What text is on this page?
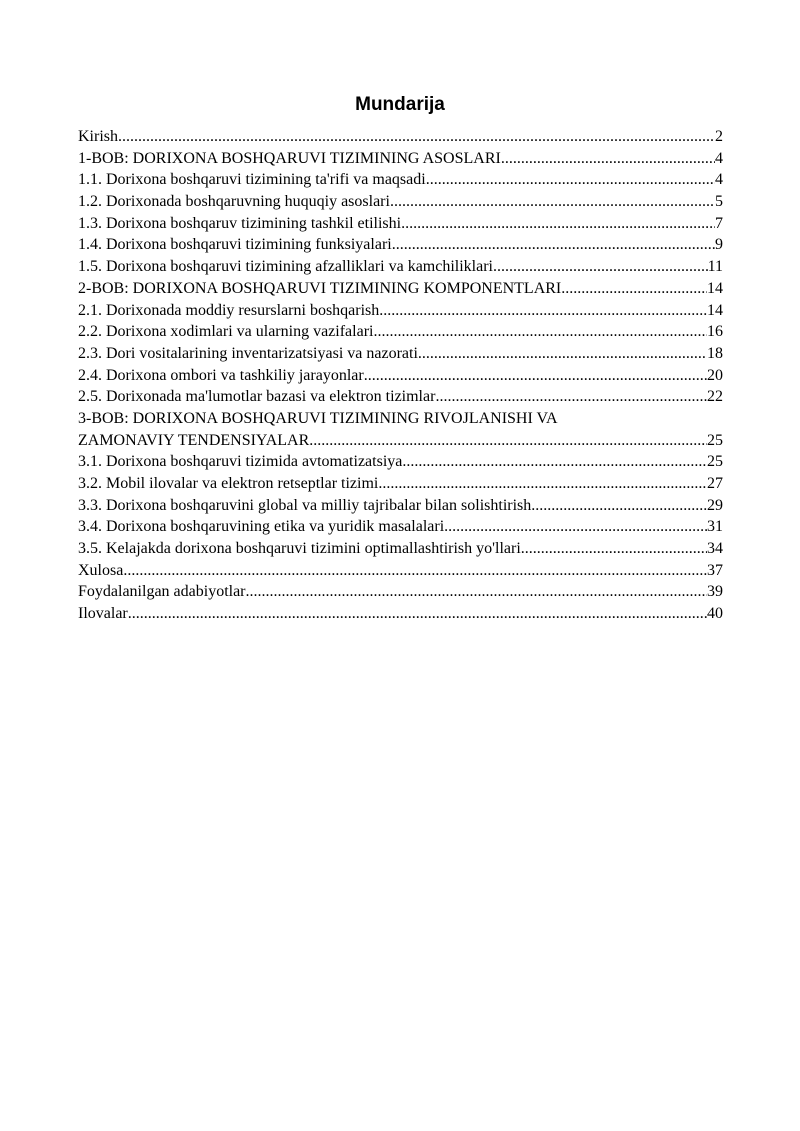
Mundarija
Kirish .....	2
1-BOB: DORIXONA BOSHQARUVI TIZIMINING ASOSLARI .....	4
1.1. Dorixona boshqaruvi tizimining ta'rifi va maqsadi .....	4
1.2. Dorixonada boshqaruvning huquqiy asoslari .....	5
1.3. Dorixona boshqaruv tizimining tashkil etilishi .....	7
1.4. Dorixona boshqaruvi tizimining funksiyalari .....	9
1.5. Dorixona boshqaruvi tizimining afzalliklari va kamchiliklari .....	11
2-BOB: DORIXONA BOSHQARUVI TIZIMINING KOMPONENTLARI .....	14
2.1. Dorixonada moddiy resurslarni boshqarish .....	14
2.2. Dorixona xodimlari va ularning vazifalari .....	16
2.3. Dori vositalarining inventarizatsiyasi va nazorati .....	18
2.4. Dorixona ombori va tashkiliy jarayonlar .....	20
2.5. Dorixonada ma'lumotlar bazasi va elektron tizimlar .....	22
3-BOB: DORIXONA BOSHQARUVI TIZIMINING RIVOJLANISHI VA
ZAMONAVIY TENDENSIYALAR .....	25
3.1. Dorixona boshqaruvi tizimida avtomatizatsiya .....	25
3.2. Mobil ilovalar va elektron retseptlar tizimi .....	27
3.3. Dorixona boshqaruvini global va milliy tajribalar bilan solishtirish .....	29
3.4. Dorixona boshqaruvining etika va yuridik masalalari .....	31
3.5. Kelajakda dorixona boshqaruvi tizimini optimallashtirish yo'llari .....	34
Xulosa .....	37
Foydalanilgan adabiyotlar .....	39
Ilovalar .....	40
